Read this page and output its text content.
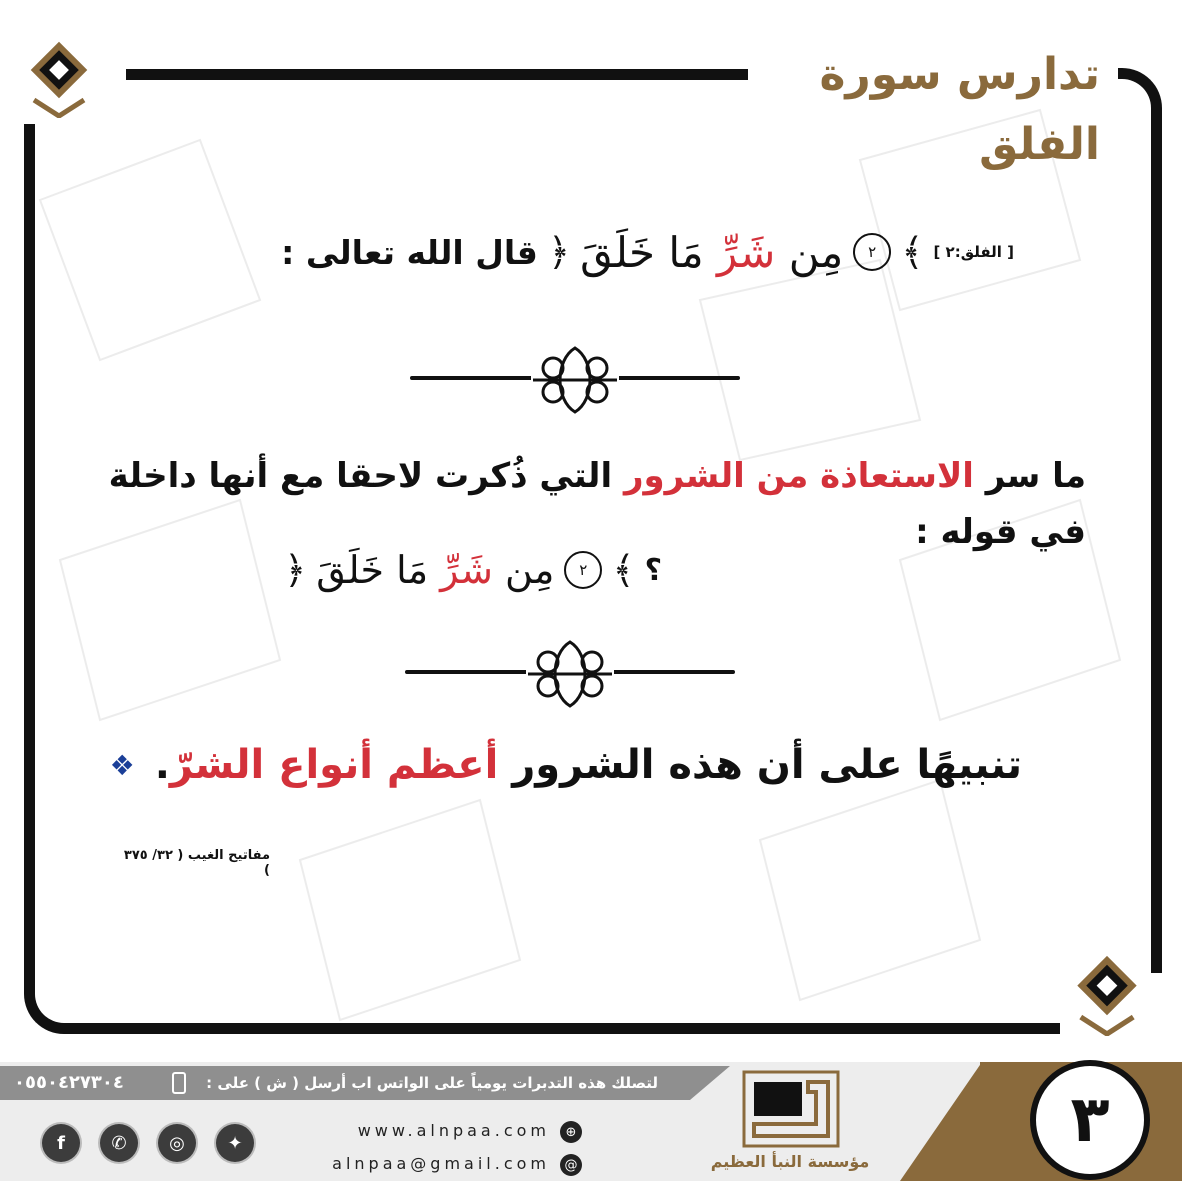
تدارس سورة الفلق
قال الله تعالى : ﴿	مِن شَرِّ مَا خَلَقَ	٢ ﴾ [ الفلق:٢ ]
ما سر الاستعاذة من الشرور التي ذُكرت لاحقا مع أنها داخلة في قوله :
﴿	مِن شَرِّ مَا خَلَقَ	٢ ﴾ ؟
❖	تنبيهًا على أن هذه الشرور أعظم أنواع الشرّ.
مفاتيح الغيب ( ٣٢/ ٣٧٥ )
لتصلك هذه التدبرات يومياً على الواتس اب أرسل ( ش ) على :
٠٥٥٠٤٢٧٣٠٤
f	✆	◎	✦
www.alnpaa.com	⊕
alnpaa@gmail.com	@	مؤسسة النبأ العظيم
٣
